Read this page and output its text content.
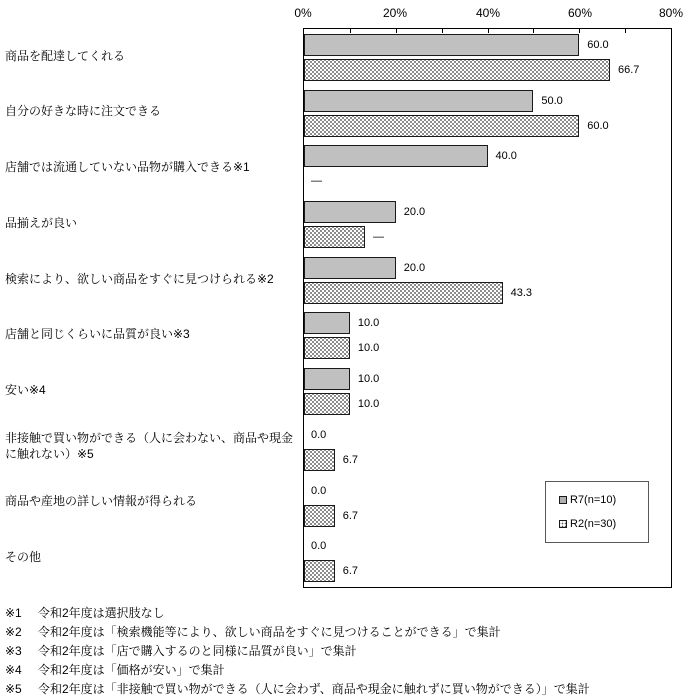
0%	20%	40%	60%	80%
60.0
66.7
50.0
60.0
40.0
—
20.0
—
20.0
43.3
10.0
10.0
10.0
10.0
0.0
6.7
0.0
6.7
0.0
6.7
商品を配達してくれる
自分の好きな時に注文できる
店舗では流通していない品物が購入できる※1
品揃えが良い
検索により、欲しい商品をすぐに見つけられる※2
店舗と同じくらいに品質が良い※3
安い※4
非接触で買い物ができる（人に会わない、商品や現金に触れない）※5
商品や産地の詳しい情報が得られる
その他
R7(n=10)
R2(n=30)
※1	令和2年度は選択肢なし
※2	令和2年度は「検索機能等により、欲しい商品をすぐに見つけることができる」で集計
※3	令和2年度は「店で購入するのと同様に品質が良い」で集計
※4	令和2年度は「価格が安い」で集計
※5	令和2年度は「非接触で買い物ができる（人に会わず、商品や現金に触れずに買い物ができる）」で集計
